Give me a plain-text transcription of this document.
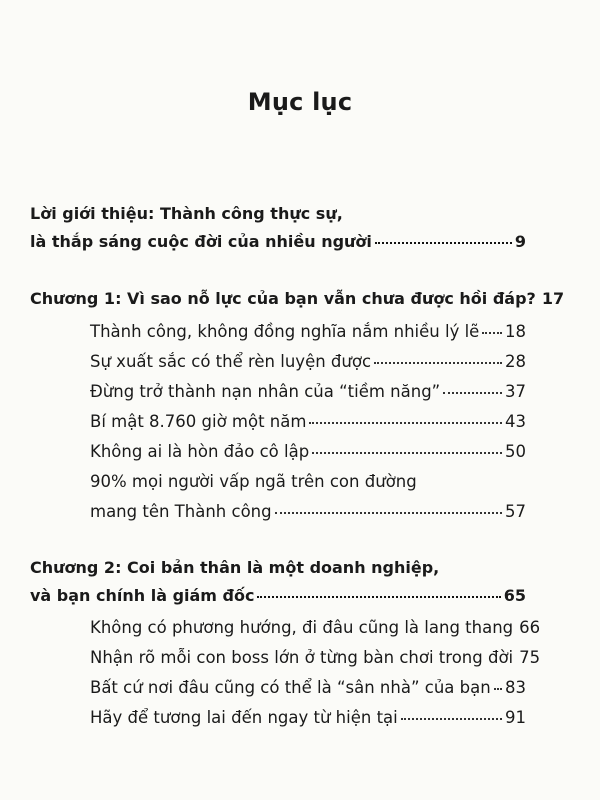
Mục lục
Lời giới thiệu: Thành công thực sự,
là thắp sáng cuộc đời của nhiều người	9
Chương 1: Vì sao nỗ lực của bạn vẫn chưa được hồi đáp? 17
Thành công, không đồng nghĩa nắm nhiều lý lẽ 18
Sự xuất sắc có thể rèn luyện được	28
Đừng trở thành nạn nhân của “tiềm năng”	37
Bí mật 8.760 giờ một năm	43
Không ai là hòn đảo cô lập	50
90% mọi người vấp ngã trên con đường
mang tên Thành công	57
Chương 2: Coi bản thân là một doanh nghiệp,
và bạn chính là giám đốc	65
Không có phương hướng, đi đâu cũng là lang thang 66
Nhận rõ mỗi con boss lớn ở từng bàn chơi trong đời 75
Bất cứ nơi đâu cũng có thể là “sân nhà” của bạn 83
Hãy để tương lai đến ngay từ hiện tại	91
